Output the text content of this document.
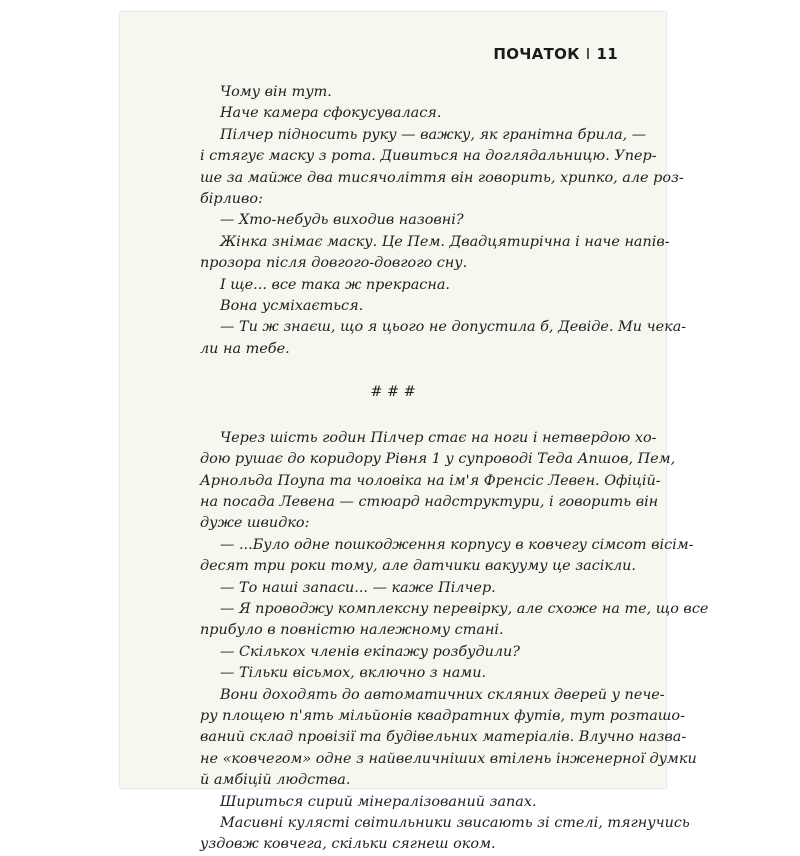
ПОЧАТОК I 11
Чому він тут.
Наче камера сфокусувалася.
Пілчер підносить руку — важку, як гранітна брила, —
і стягує маску з рота. Дивиться на доглядальницю. Упер-
ше за майже два тисячоліття він говорить, хрипко, але роз-
бірливо:
— Хто-небудь виходив назовні?
Жінка знімає маску. Це Пем. Двадцятирічна і наче напів-
прозора після довгого-довгого сну.
І ще... все така ж прекрасна.
Вона усміхається.
— Ти ж знаєш, що я цього не допустила б, Девіде. Ми чека-
ли на тебе.
# # #
Через шість годин Пілчер стає на ноги і нетвердою хо-
дою рушає до коридору Рівня 1 у супроводі Теда Апшов, Пем,
Арнольда Поупа та чоловіка на ім'я Френсіс Левен. Офіцій-
на посада Левена — стюард надструктури, і говорить він
дуже швидко:
— ...Було одне пошкодження корпусу в ковчегу сімсот вісім-
десят три роки тому, але датчики вакууму це засікли.
— То наші запаси... — каже Пілчер.
— Я проводжу комплексну перевірку, але схоже на те, що все
прибуло в повністю належному стані.
— Скількох членів екіпажу розбудили?
— Тільки вісьмох, включно з нами.
Вони доходять до автоматичних скляних дверей у пече-
ру площею п'ять мільйонів квадратних футів, тут розташо-
ваний склад провізії та будівельних матеріалів. Влучно назва-
не «ковчегом» одне з найвеличніших втілень інженерної думки
й амбіцій людства.
Шириться сирий мінералізований запах.
Масивні кулясті світильники звисають зі стелі, тягнучись
уздовж ковчега, скільки сягнеш оком.
